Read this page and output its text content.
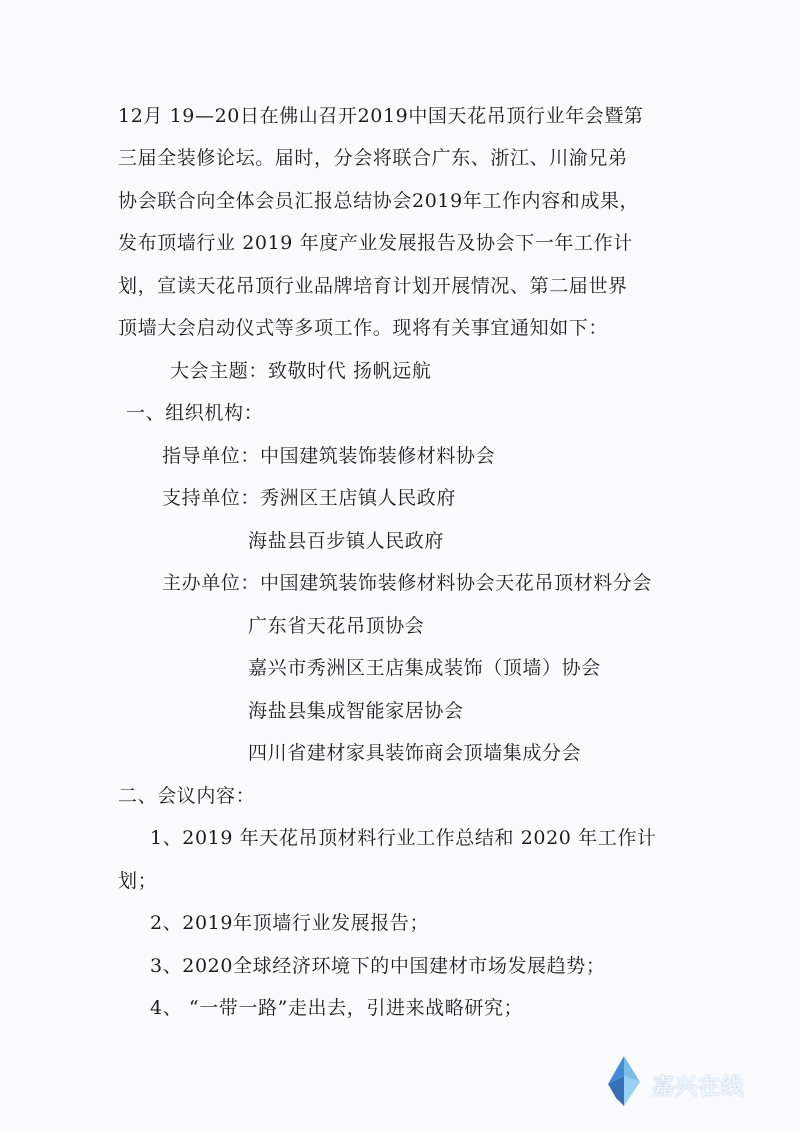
12月 19—20日在佛山召开2019中国天花吊顶行业年会暨第
三届全装修论坛。届时，分会将联合广东、浙江、川渝兄弟
协会联合向全体会员汇报总结协会2019年工作内容和成果，
发布顶墙行业 2019 年度产业发展报告及协会下一年工作计
划，宣读天花吊顶行业品牌培育计划开展情况、第二届世界
顶墙大会启动仪式等多项工作。现将有关事宜通知如下：
大会主题：致敬时代 扬帆远航
一、组织机构：
指导单位：中国建筑装饰装修材料协会
支持单位：秀洲区王店镇人民政府
海盐县百步镇人民政府
主办单位：中国建筑装饰装修材料协会天花吊顶材料分会
广东省天花吊顶协会
嘉兴市秀洲区王店集成装饰（顶墙）协会
海盐县集成智能家居协会
四川省建材家具装饰商会顶墙集成分会
二、会议内容：
1、2019 年天花吊顶材料行业工作总结和 2020 年工作计
划；
2、2019年顶墙行业发展报告；
3、2020全球经济环境下的中国建材市场发展趋势；
4、 “一带一路”走出去，引进来战略研究；
嘉兴在线
